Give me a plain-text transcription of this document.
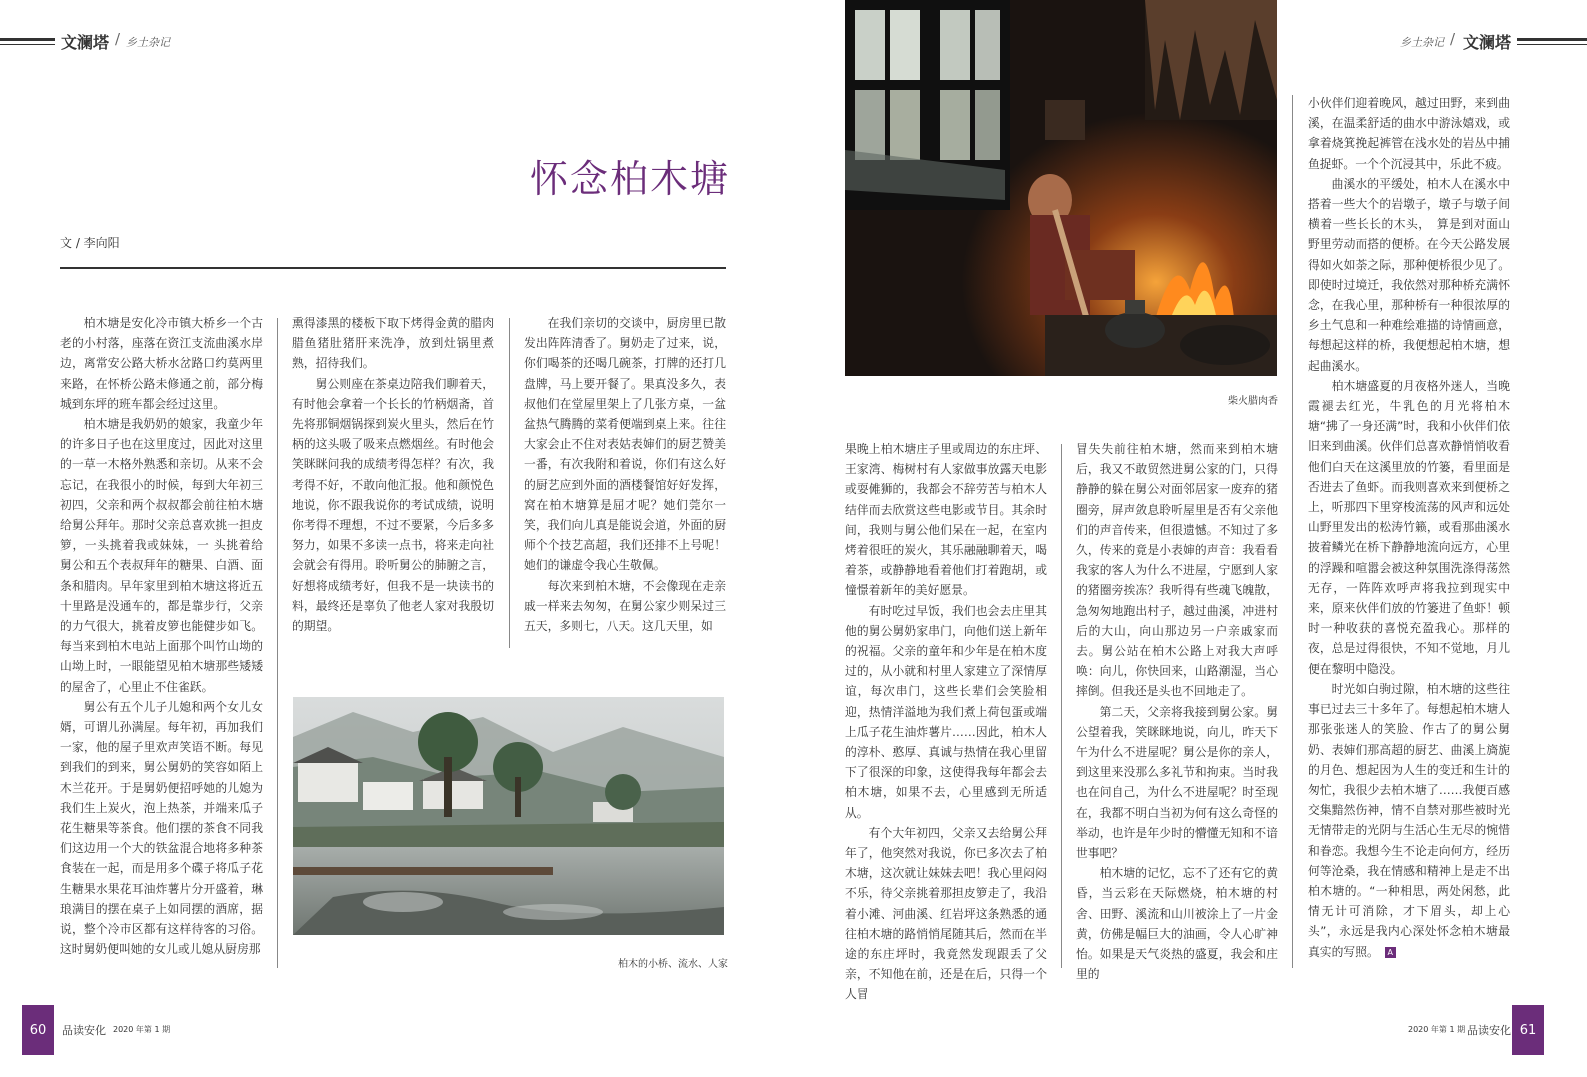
文澜塔 / 乡土杂记	乡土杂记 / 文澜塔
怀念柏木塘
文 / 李向阳

柏木塘是安化冷市镇大桥乡一个古老的小村落，座落在资江支流曲溪水岸边，离常安公路大桥水岔路口约莫两里来路，在怀桥公路未修通之前，部分梅城到东坪的班车都会经过这里。

柏木塘是我奶奶的娘家，我童少年的许多日子也在这里度过，因此对这里的一草一木格外熟悉和亲切。从来不会忘记，在我很小的时候，每到大年初三初四，父亲和两个叔叔都会前往柏木塘给舅公拜年。那时父亲总喜欢挑一担皮箩，一头挑着我或妹妹，一 头挑着给舅公和五个表叔拜年的糖果、白酒、面条和腊肉。早年家里到柏木塘这将近五十里路是没通车的，都是靠步行，父亲的力气很大，挑着皮箩也能健步如飞。每当来到柏木电站上面那个叫竹山坳的山坳上时，一眼能望见柏木塘那些矮矮的屋舍了，心里止不住雀跃。

舅公有五个儿子儿媳和两个女儿女婿，可谓儿孙满屋。每年初，再加我们一家，他的屋子里欢声笑语不断。每见到我们的到来，舅公舅奶的笑容如陌上木兰花开。于是舅奶便招呼她的儿媳为我们生上炭火，泡上热茶，并端来瓜子花生糖果等茶食。他们摆的茶食不同我们这边用一个大的铁盆混合地将多种茶食装在一起，而是用多个碟子将瓜子花生糖果水果花耳油炸薯片分开盛着，琳琅满目的摆在桌子上如同摆的酒席，据说，整个冷市区都有这样待客的习俗。这时舅奶便叫她的女儿或儿媳从厨房那

熏得漆黑的楼板下取下烤得金黄的腊肉腊鱼猪肚猪肝来洗净，放到灶锅里煮熟，招待我们。

舅公则座在茶桌边陪我们聊着天，有时他会拿着一个长长的竹柄烟斋，首先将那铜烟锅探到炭火里头，然后在竹柄的这头吸了吸来点燃烟丝。有时他会笑眯眯问我的成绩考得怎样？有次，我考得不好，不敢向他汇报。他和颜悦色地说，你不跟我说你的考试成绩，说明你考得不理想，不过不要紧，今后多多努力，如果不多读一点书，将来走向社会就会有得用。聆听舅公的肺腑之言，好想将成绩考好，但我不是一块读书的料，最终还是辜负了他老人家对我殷切的期望。

在我们亲切的交谈中，厨房里已散发出阵阵清香了。舅奶走了过来，说，你们喝茶的还喝几碗茶，打牌的还打几盘牌，马上要开餐了。果真没多久，表叔他们在堂屋里架上了几张方桌，一盆盆热气腾腾的菜肴便端到桌上来。往往大家会止不住对表姑表婶们的厨艺赞美一番，有次我附和着说，你们有这么好的厨艺应到外面的酒楼餐馆好好发挥，窝在柏木塘算是屈才呢？她们莞尔一笑，我们向儿真是能说会道，外面的厨师个个技艺高超，我们还排不上号呢！她们的谦虚令我心生敬佩。

每次来到柏木塘，不会像现在走亲戚一样来去匆匆，在舅公家少则呆过三五天，多则七，八天。这几天里，如

柏木的小桥、流水、人家
柴火腊肉香

果晚上柏木塘庄子里或周边的东庄坪、王家湾、梅树村有人家做事放露天电影或耍傩狮的，我都会不辞劳苦与柏木人结伴而去欣赏这些电影或节目。其余时间，我则与舅公他们呆在一起，在室内烤着很旺的炭火，其乐融融聊着天，喝着茶，或静静地看着他们打着跑胡，或憧憬着新年的美好愿景。

有时吃过早饭，我们也会去庄里其他的舅公舅奶家串门，向他们送上新年的祝福。父亲的童年和少年是在柏木度过的，从小就和村里人家建立了深情厚谊，每次串门，这些长辈们会笑脸相迎，热情洋溢地为我们煮上荷包蛋或端上瓜子花生油炸薯片……因此，柏木人的淳朴、憨厚、真诚与热情在我心里留下了很深的印象，这使得我每年都会去柏木塘，如果不去，心里感到无所适从。

有个大年初四，父亲又去给舅公拜年了，他突然对我说，你已多次去了柏木塘，这次就让妹妹去吧！我心里闷闷不乐，待父亲挑着那担皮箩走了，我沿着小滩、河曲溪、红岩坪这条熟悉的通往柏木塘的路悄悄尾随其后，然而在半途的东庄坪时，我竟然发现跟丢了父亲，不知他在前，还是在后，只得一个人冒

冒失失前往柏木塘，然而来到柏木塘后，我又不敢贸然进舅公家的门，只得静静的躲在舅公对面邻居家一废弃的猪圈旁，屏声敛息聆听屋里是否有父亲他们的声音传来，但很遗憾。不知过了多久，传来的竟是小表婶的声音：我看看我家的客人为什么不进屋，宁愿到人家的猪圈旁挨冻？我听得有些魂飞魄散，急匆匆地跑出村子，越过曲溪，冲进村后的大山，向山那边另一户亲戚家而去。舅公站在柏木公路上对我大声呼唤：向儿，你快回来，山路潮湿，当心摔倒。但我还是头也不回地走了。

第二天，父亲将我接到舅公家。舅公望着我，笑眯眯地说，向儿，昨天下午为什么不进屋呢？舅公是你的亲人，到这里来没那么多礼节和拘束。当时我也在问自己，为什么不进屋呢？时至现在，我都不明白当初为何有这么奇怪的举动，也许是年少时的懵懂无知和不谙世事吧？

柏木塘的记忆，忘不了还有它的黄昏，当云彩在天际燃烧，柏木塘的村舍、田野、溪流和山川被涂上了一片金黄，仿佛是幅巨大的油画，令人心旷神怡。如果是天气炎热的盛夏，我会和庄里的

小伙伴们迎着晚风，越过田野，来到曲溪，在温柔舒适的曲水中游泳嬉戏，或拿着烧箕挽起裤管在浅水处的岩丛中捕鱼捉虾。一个个沉浸其中，乐此不疲。

曲溪水的平缓处，柏木人在溪水中搭着一些大个的岩墩子，墩子与墩子间横着一些长长的木头，　算是到对面山野里劳动而搭的便桥。在今天公路发展得如火如荼之际，那种便桥很少见了。即使时过境迁，我依然对那种桥充满怀念，在我心里，那种桥有一种很浓厚的乡土气息和一种难绘难描的诗情画意，每想起这样的桥，我便想起柏木塘，想起曲溪水。

柏木塘盛夏的月夜格外迷人，当晚霞褪去红光，牛乳色的月光将柏木塘“拂了一身还满”时，我和小伙伴们依旧来到曲溪。伙伴们总喜欢静悄悄收看他们白天在这溪里放的竹篓，看里面是否进去了鱼虾。而我则喜欢来到便桥之上，听那四下里穿梭流荡的风声和远处山野里发出的松涛竹籁，或看那曲溪水披着鳞光在桥下静静地流向远方，心里的浮躁和喧嚣会被这种氛围洗涤得荡然无存，一阵阵欢呼声将我拉到现实中来，原来伙伴们放的竹篓进了鱼虾！顿时一种收获的喜悦充盈我心。那样的夜，总是过得很快，不知不觉地，月儿便在黎明中隐没。

时光如白驹过隙，柏木塘的这些往事已过去三十多年了。每想起柏木塘人那张张迷人的笑脸、作古了的舅公舅奶、表婶们那高超的厨艺、曲溪上旖旎的月色、想起因为人生的变迁和生计的匆忙，我很少去柏木塘了……我便百感交集黯然伤神，情不自禁对那些被时光无情带走的光阴与生活心生无尽的惋惜和眷恋。我想今生不论走向何方，经历何等沧桑，我在情感和精神上是走不出柏木塘的。“一种相思，两处闲愁，此情无计可消除，才下眉头，却上心头”，永远是我内心深处怀念柏木塘最真实的写照。 A

60	品读安化 2020 年第 1 期	2020 年第 1 期 品读安化 61
